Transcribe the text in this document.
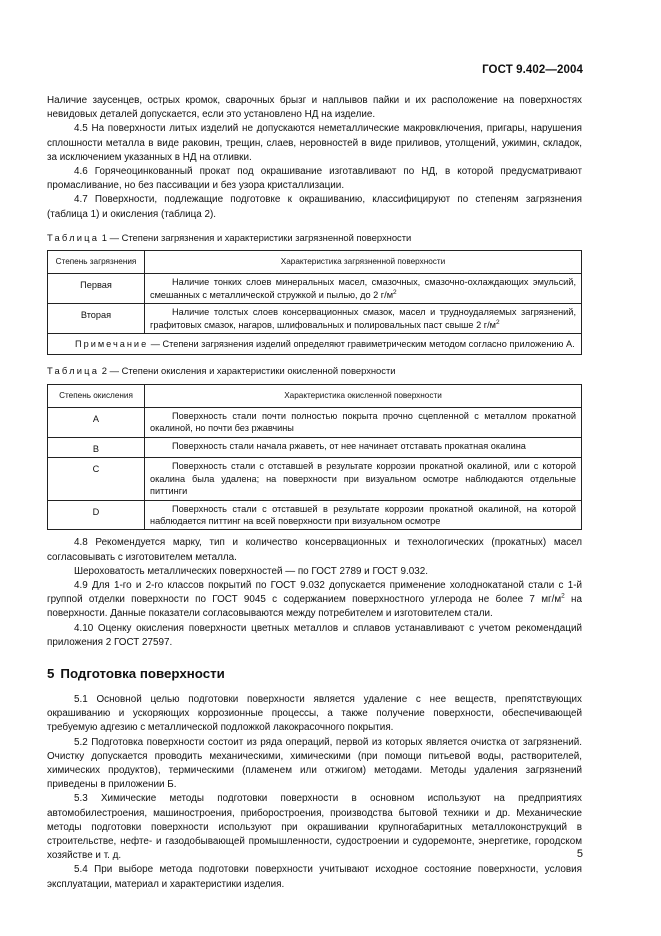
ГОСТ 9.402—2004

Наличие заусенцев, острых кромок, сварочных брызг и наплывов пайки и их расположение на поверхностях невидовых деталей допускается, если это установлено НД на изделие.

4.5 На поверхности литых изделий не допускаются неметаллические макровключения, пригары, нарушения сплошности металла в виде раковин, трещин, слаев, неровностей в виде приливов, утолщений, ужимин, складок, за исключением указанных в НД на отливки.

4.6 Горячеоцинкованный прокат под окрашивание изготавливают по НД, в которой предусматривают промасливание, но без пассивации и без узора кристаллизации.

4.7 Поверхности, подлежащие подготовке к окрашиванию, классифицируют по степеням загрязнения (таблица 1) и окисления (таблица 2).

Таблица 1 — Степени загрязнения и характеристики загрязненной поверхности
Степень загрязнения	Характеристика загрязненной поверхности
Первая	Наличие тонких слоев минеральных масел, смазочных, смазочно-охлаждающих эмульсий, смешанных с металлической стружкой и пылью, до 2 $г/м^2$
Вторая	Наличие толстых слоев консервационных смазок, масел и трудноудаляемых загрязнений, графитовых смазок, нагаров, шлифовальных и полировальных паст свыше 2 $г/м^2$
Примечание — Степени загрязнения изделий определяют гравиметрическим методом согласно приложению А.	
Таблица 2 — Степени окисления и характеристики окисленной поверхности
Степень окисления	Характеристика окисленной поверхности
A	Поверхность стали почти полностью покрыта прочно сцепленной с металлом прокатной окалиной, но почти без ржавчины
B	Поверхность стали начала ржаветь, от нее начинает отставать прокатная окалина
C	Поверхность стали с отставшей в результате коррозии прокатной окалиной, или с которой окалина была удалена; на поверхности при визуальном осмотре наблюдаются отдельные питтинги
D	Поверхность стали с отставшей в результате коррозии прокатной окалиной, на которой наблюдается питтинг на всей поверхности при визуальном осмотре

4.8 Рекомендуется марку, тип и количество консервационных и технологических (прокатных) масел согласовывать с изготовителем металла.

Шероховатость металлических поверхностей — по ГОСТ 2789 и ГОСТ 9.032.

4.9 Для 1-го и 2-го классов покрытий по ГОСТ 9.032 допускается применение холоднокатаной стали с 1-й группой отделки поверхности по ГОСТ 9045 с содержанием поверхностного углерода не более 7 $мг/м^2$ на поверхности. Данные показатели согласовываются между потребителем и изготовителем стали.

4.10 Оценку окисления поверхности цветных металлов и сплавов устанавливают с учетом рекомендаций приложения 2 ГОСТ 27597.

5 Подготовка поверхности

5.1 Основной целью подготовки поверхности является удаление с нее веществ, препятствующих окрашиванию и ускоряющих коррозионные процессы, а также получение поверхности, обеспечивающей требуемую адгезию с металлической подложкой лакокрасочного покрытия.

5.2 Подготовка поверхности состоит из ряда операций, первой из которых является очистка от загрязнений. Очистку допускается проводить механическими, химическими (при помощи питьевой воды, растворителей, химических продуктов), термическими (пламенем или отжигом) методами. Методы удаления загрязнений приведены в приложении Б.

5.3 Химические методы подготовки поверхности в основном используют на предприятиях автомобилестроения, машиностроения, приборостроения, производства бытовой техники и др. Механические методы подготовки поверхности используют при окрашивании крупногабаритных металлоконструкций в строительстве, нефте- и газодобывающей промышленности, судостроении и судоремонте, энергетике, городском хозяйстве и т. д.

5.4 При выборе метода подготовки поверхности учитывают исходное состояние поверхности, условия эксплуатации, материал и характеристики изделия.

5
